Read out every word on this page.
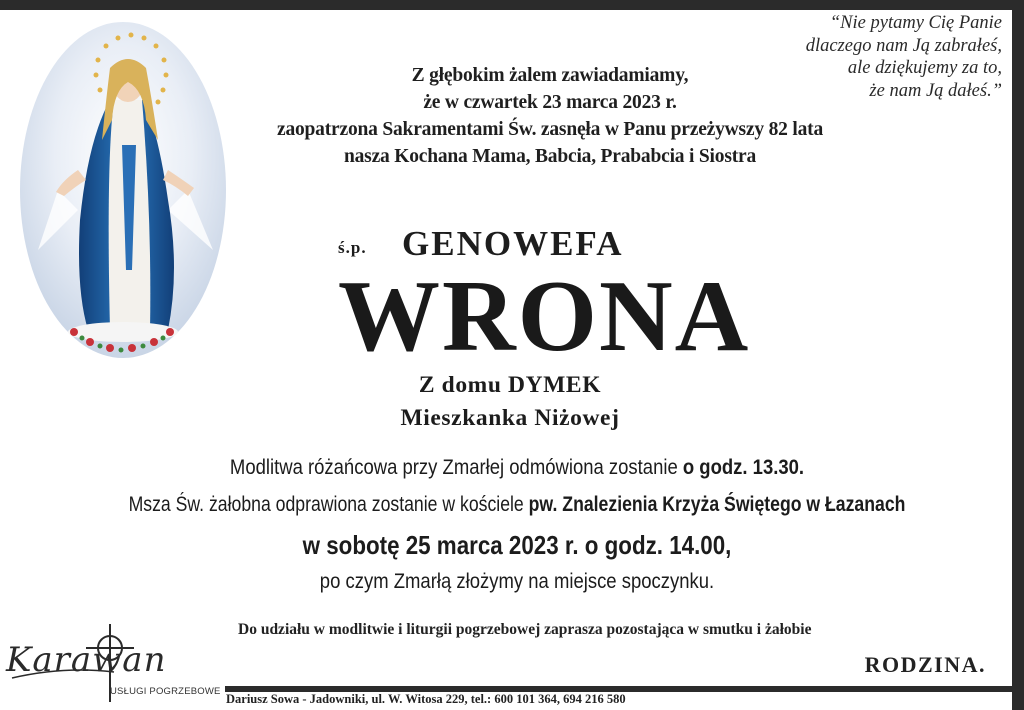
“Nie pytamy Cię Panie
dlaczego nam Ją zabrałeś,
ale dziękujemy za to,
że nam Ją dałeś.”
Z głębokim żalem zawiadamiamy,
że w czwartek 23 marca 2023 r.
zaopatrzona Sakramentami Św. zasnęła w Panu przeżywszy 82 lata
nasza Kochana Mama, Babcia, Prababcia i Siostra
ś.p. GENOWEFA
WRONA
Z domu DYMEK
Mieszkanka Niżowej
Modlitwa różańcowa przy Zmarłej odmówiona zostanie o godz. 13.30.
Msza Św. żałobna odprawiona zostanie w kościele pw. Znalezienia Krzyża Świętego w Łazanach
w sobotę 25 marca 2023 r. o godz. 14.00,
po czym Zmarłą złożymy na miejsce spoczynku.
Do udziału w modlitwie i liturgii pogrzebowej zaprasza pozostająca w smutku i żałobie
RODZINA.
Karawan
USŁUGI POGRZEBOWE
Dariusz Sowa - Jadowniki, ul. W. Witosa 229, tel.: 600 101 364, 694 216 580
